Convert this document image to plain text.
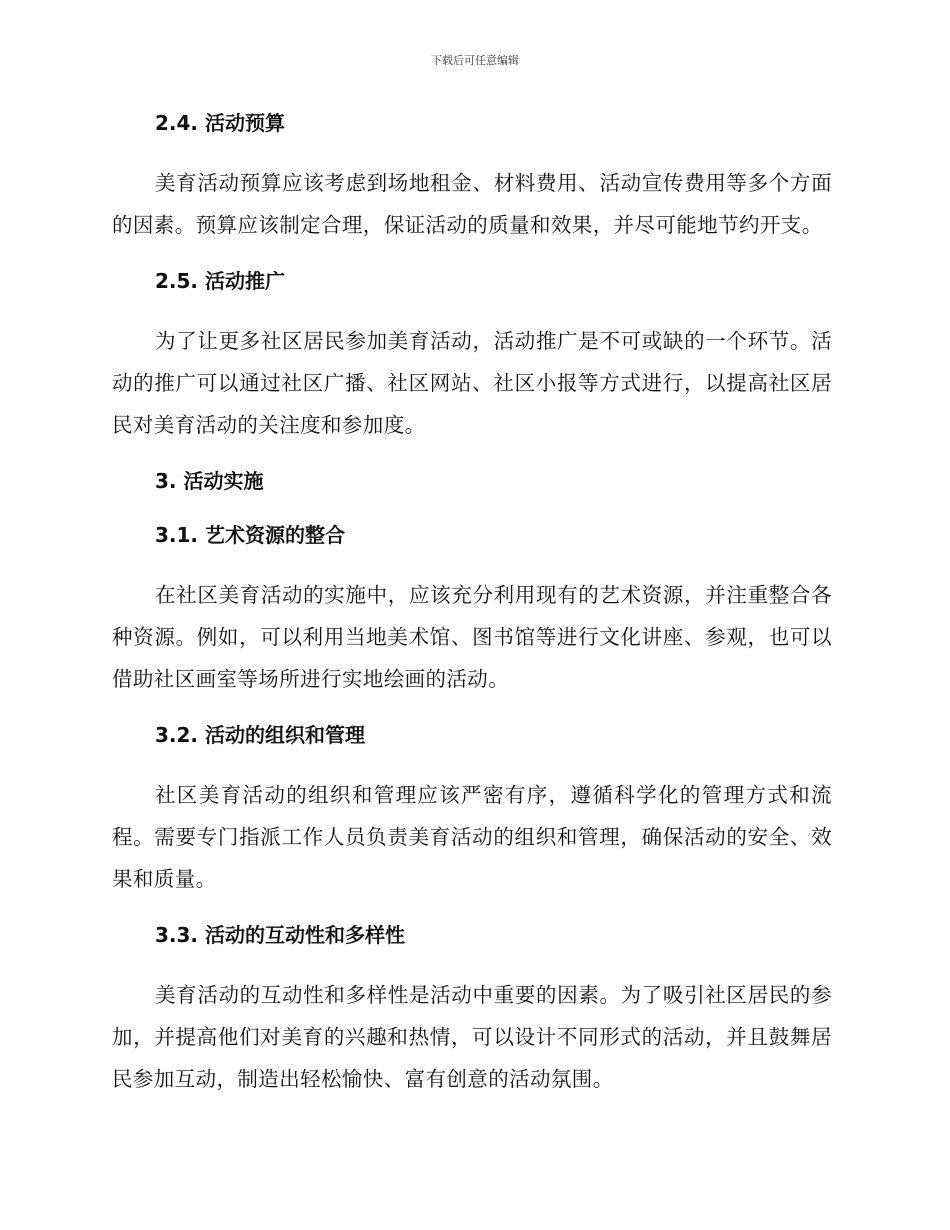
下载后可任意编辑
2.4. 活动预算

美育活动预算应该考虑到场地租金、材料费用、活动宣传费用等多个方面的因素。预算应该制定合理，保证活动的质量和效果，并尽可能地节约开支。

2.5. 活动推广

为了让更多社区居民参加美育活动，活动推广是不可或缺的一个环节。活动的推广可以通过社区广播、社区网站、社区小报等方式进行，以提高社区居民对美育活动的关注度和参加度。

3. 活动实施
3.1. 艺术资源的整合

在社区美育活动的实施中，应该充分利用现有的艺术资源，并注重整合各种资源。例如，可以利用当地美术馆、图书馆等进行文化讲座、参观，也可以借助社区画室等场所进行实地绘画的活动。

3.2. 活动的组织和管理

社区美育活动的组织和管理应该严密有序，遵循科学化的管理方式和流程。需要专门指派工作人员负责美育活动的组织和管理，确保活动的安全、效果和质量。

3.3. 活动的互动性和多样性

美育活动的互动性和多样性是活动中重要的因素。为了吸引社区居民的参加，并提高他们对美育的兴趣和热情，可以设计不同形式的活动，并且鼓舞居民参加互动，制造出轻松愉快、富有创意的活动氛围。
